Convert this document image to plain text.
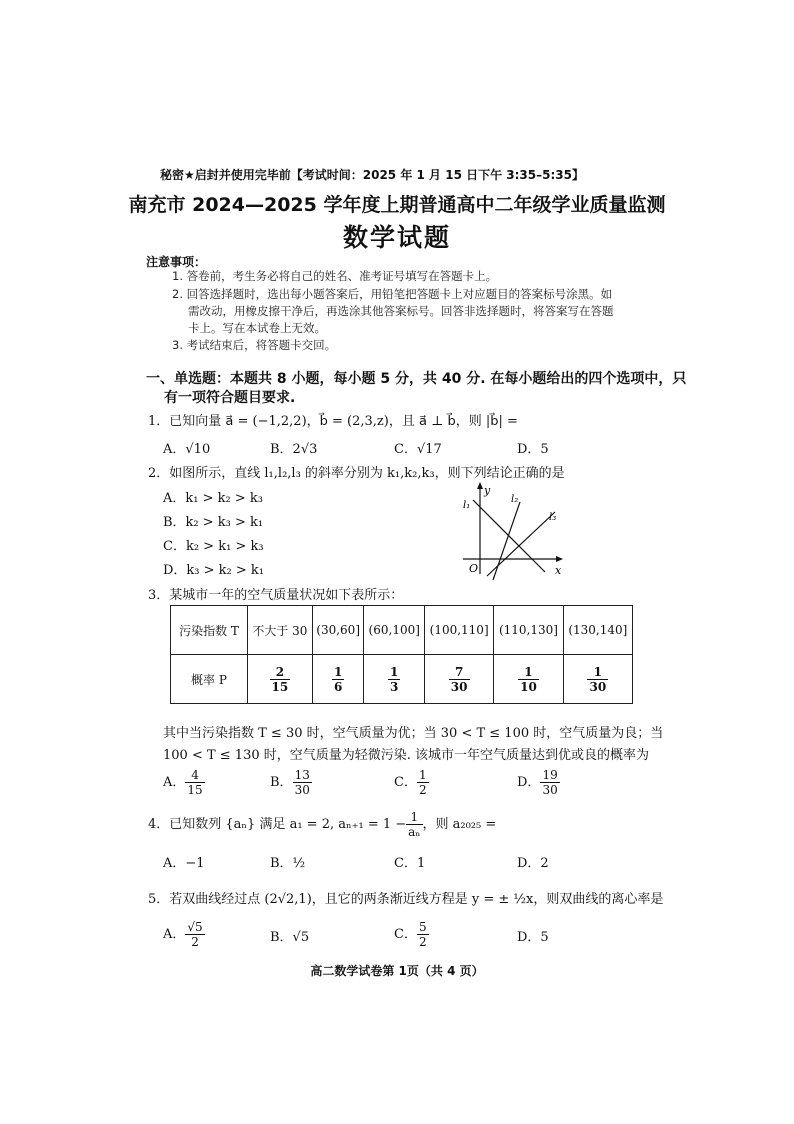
秘密★启封并使用完毕前【考试时间：2025 年 1 月 15 日下午 3:35–5:35】
南充市 2024—2025 学年度上期普通高中二年级学业质量监测
数学试题
注意事项：
1. 答卷前，考生务必将自己的姓名、准考证号填写在答题卡上。
2. 回答选择题时，选出每小题答案后，用铅笔把答题卡上对应题目的答案标号涂黑。如
需改动，用橡皮擦干净后，再选涂其他答案标号。回答非选择题时，将答案写在答题
卡上。写在本试卷上无效。
3. 考试结束后，将答题卡交回。
一、单选题：本题共 8 小题，每小题 5 分，共 40 分. 在每小题给出的四个选项中，只
有一项符合题目要求.
1．已知向量 a⃗ = (−1,2,2)，b⃗ = (2,3,z)，且 a⃗ ⊥ b⃗，则 |b⃗| =
A．√10	B．2√3	C．√17	D．5
2．如图所示，直线 l₁,l₂,l₃ 的斜率分别为 k₁,k₂,k₃，则下列结论正确的是
A．k₁ > k₂ > k₃
B．k₂ > k₃ > k₁
C．k₂ > k₁ > k₃
D．k₃ > k₂ > k₁
y
x
O
l₁
l₂
l₃
3．某城市一年的空气质量状况如下表所示：
污染指数 T	不大于 30	(30,60]	(60,100]	(100,110]	(110,130]	(130,140]
概率 P	$\frac{2}{15}$	$\frac{1}{6}$	$\frac{1}{3}$	$\frac{7}{30}$	$\frac{1}{10}$	$\frac{1}{30}$
其中当污染指数 T ≤ 30 时，空气质量为优；当 30 < T ≤ 100 时，空气质量为良；当
100 < T ≤ 130 时，空气质量为轻微污染. 该城市一年空气质量达到优或良的概率为
A． $\frac{4}{15}$	B． $\frac{13}{30}$	C． $\frac{1}{2}$	D． $\frac{19}{30}$
4．已知数列 {aₙ} 满足 a₁ = 2, $a_{n+1} = 1 - \frac{1}{\text{aₙ}}$ ，则 a₂₀₂₅ =
A．−1	B．½	C．1	D．2
5．若双曲线经过点 (2√2,1)，且它的两条渐近线方程是 y = ± ½x，则双曲线的离心率是
A． $\frac{√5}{2}$	B．√5	C． $\frac{5}{2}$	D．5
高二数学试卷第 1页（共 4 页）
